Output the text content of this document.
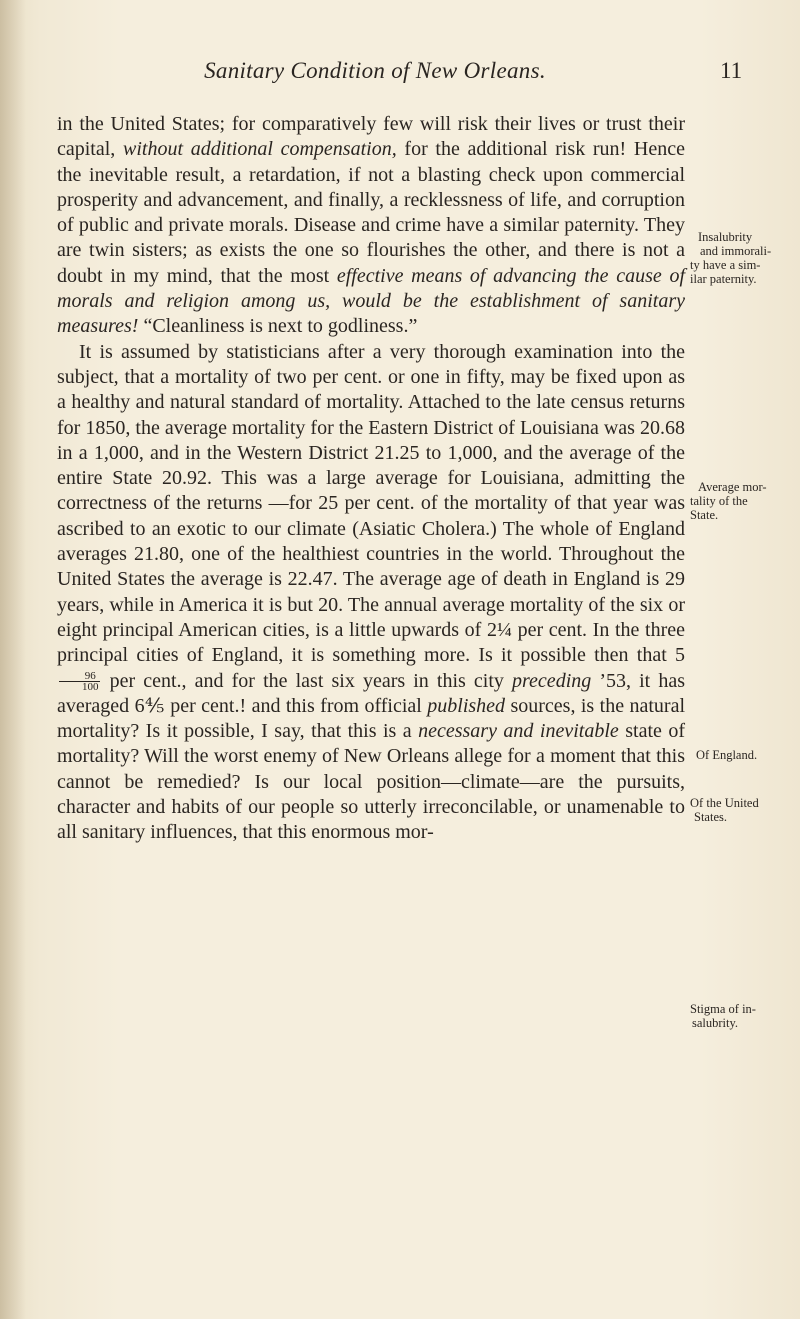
Sanitary Condition of New Orleans.	11

in the United States; for comparatively few will risk their lives or trust their capital, without additional compensation, for the additional risk run! Hence the inevitable result, a retardation, if not a blasting check upon commercial prosperity and advancement, and finally, a recklessness of life, and corruption of public and private morals. Disease and crime have a similar paternity. They are twin sisters; as exists the one so flourishes the other, and there is not a doubt in my mind, that the most effective means of advancing the cause of morals and religion among us, would be the establishment of sanitary measures! “Cleanliness is next to godliness.”

It is assumed by statisticians after a very thorough examination into the subject, that a mortality of two per cent. or one in fifty, may be fixed upon as a healthy and natural standard of mortality. Attached to the late census returns for 1850, the average mortality for the Eastern District of Louisiana was 20.68 in a 1,000, and in the Western District 21.25 to 1,000, and the average of the entire State 20.92. This was a large average for Louisiana, admitting the correctness of the returns —for 25 per cent. of the mortality of that year was ascribed to an exotic to our climate (Asiatic Cholera.) The whole of England averages 21.80, one of the healthiest countries in the world. Throughout the United States the average is 22.47. The average age of death in England is 29 years, while in America it is but 20. The annual average mortality of the six or eight principal American cities, is a little upwards of 2¼ per cent. In the three principal cities of England, it is something more. Is it possible then that 5
$\frac{96}{100}$ per cent., and for the last six years in this city preceding ’53, it has averaged 6⅘ per cent.! and this from official published sources, is the natural mortality? Is it possible, I say, that this is a necessary and inevitable state of mortality? Will the worst enemy of New Orleans allege for a moment that this cannot be remedied? Is our local position—climate—are the pursuits, character and habits of our people so utterly irreconcilable, or unamenable to all sanitary influences, that this enormous mor-

Insalubrity
and immorali-
ty have a sim-
ilar paternity.
Average mor-
tality of the
State.
Of England.
Of the United
States.
Stigma of in-
salubrity.
